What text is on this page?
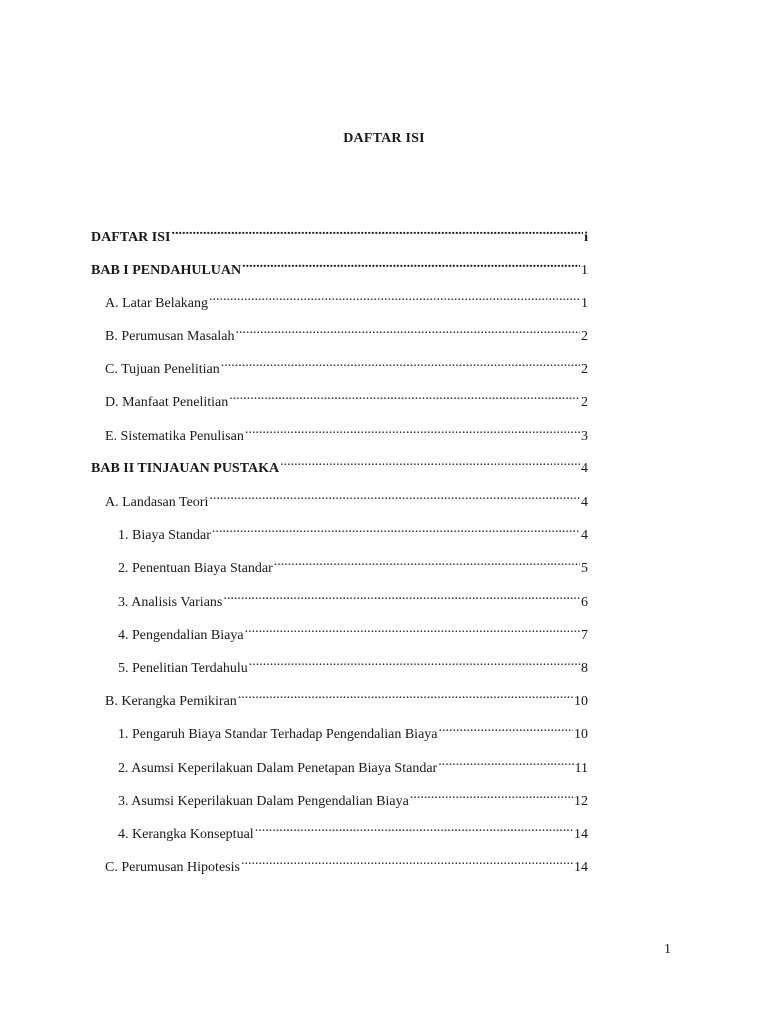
DAFTAR ISI
DAFTAR ISI .....	i
BAB I PENDAHULUAN .....	1
A. Latar Belakang .....	1
B. Perumusan Masalah .....	2
C. Tujuan Penelitian .....	2
D. Manfaat Penelitian .....	2
E. Sistematika Penulisan .....	3
BAB II TINJAUAN PUSTAKA .....	4
A. Landasan Teori .....	4
1. Biaya Standar .....	4
2. Penentuan Biaya Standar .....	5
3. Analisis Varians .....	6
4. Pengendalian Biaya .....	7
5. Penelitian Terdahulu .....	8
B. Kerangka Pemikiran .....	10
1. Pengaruh Biaya Standar Terhadap Pengendalian Biaya .....	10
2. Asumsi Keperilakuan Dalam Penetapan Biaya Standar .....	11
3. Asumsi Keperilakuan Dalam Pengendalian Biaya .....	12
4. Kerangka Konseptual .....	14
C. Perumusan Hipotesis .....	14
1
